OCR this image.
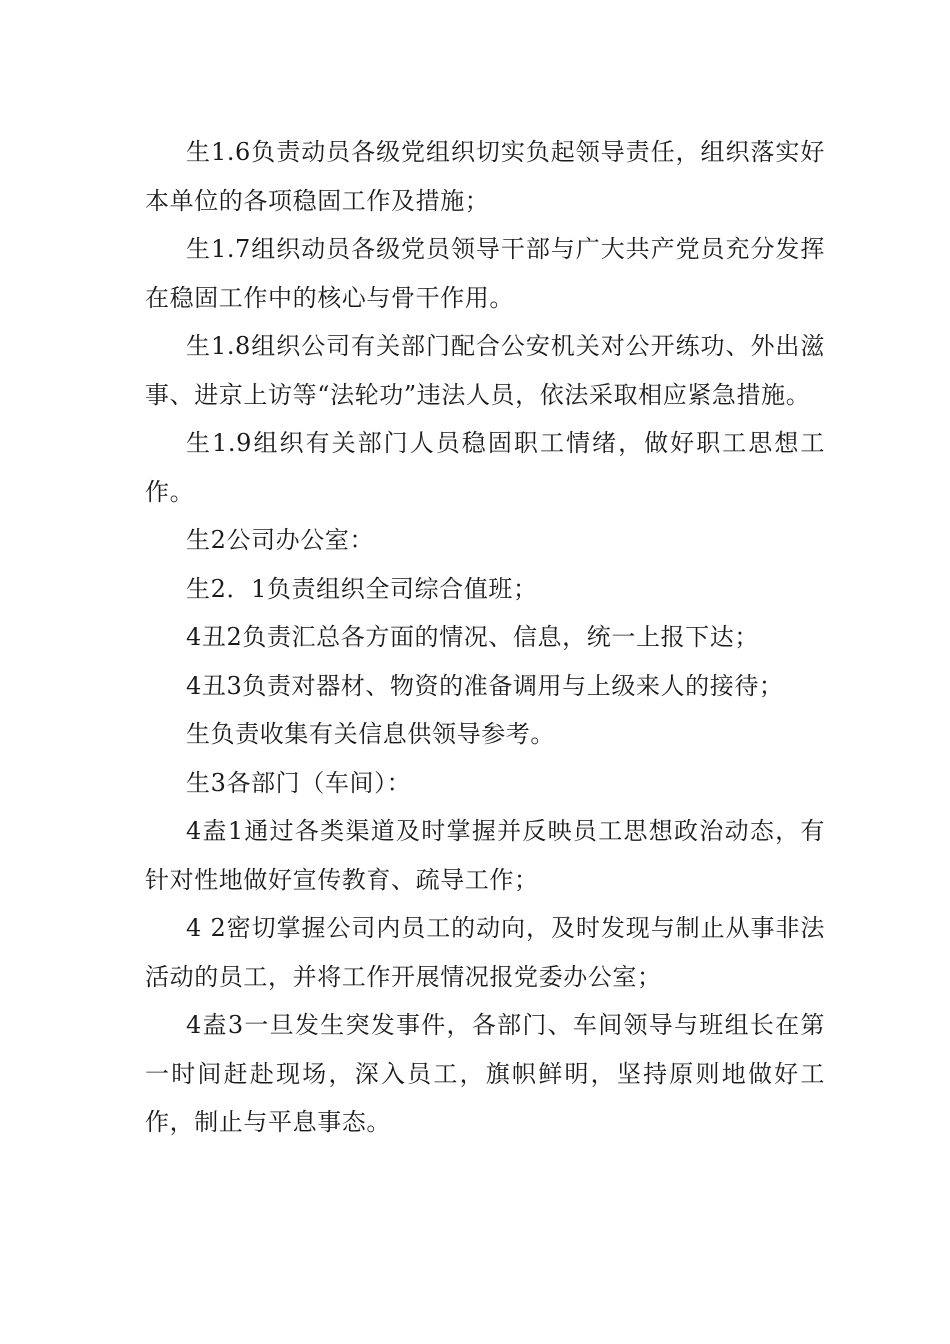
生1.6负责动员各级党组织切实负起领导责任，组织落实好本单位的各项稳固工作及措施；

生1.7组织动员各级党员领导干部与广大共产党员充分发挥在稳固工作中的核心与骨干作用。

生1.8组织公司有关部门配合公安机关对公开练功、外出滋事、进京上访等“法轮功”违法人员，依法采取相应紧急措施。

生1.9组织有关部门人员稳固职工情绪，做好职工思想工作。

生2公司办公室：

生2．1负责组织全司综合值班；

4丑2负责汇总各方面的情况、信息，统一上报下达；

4丑3负责对器材、物资的准备调用与上级来人的接待；

生负责收集有关信息供领导参考。

生3各部门（车间）：

4盍1通过各类渠道及时掌握并反映员工思想政治动态，有针对性地做好宣传教育、疏导工作；

4 2密切掌握公司内员工的动向，及时发现与制止从事非法活动的员工，并将工作开展情况报党委办公室；

4盍3一旦发生突发事件，各部门、车间领导与班组长在第一时间赶赴现场，深入员工，旗帜鲜明，坚持原则地做好工作，制止与平息事态。
